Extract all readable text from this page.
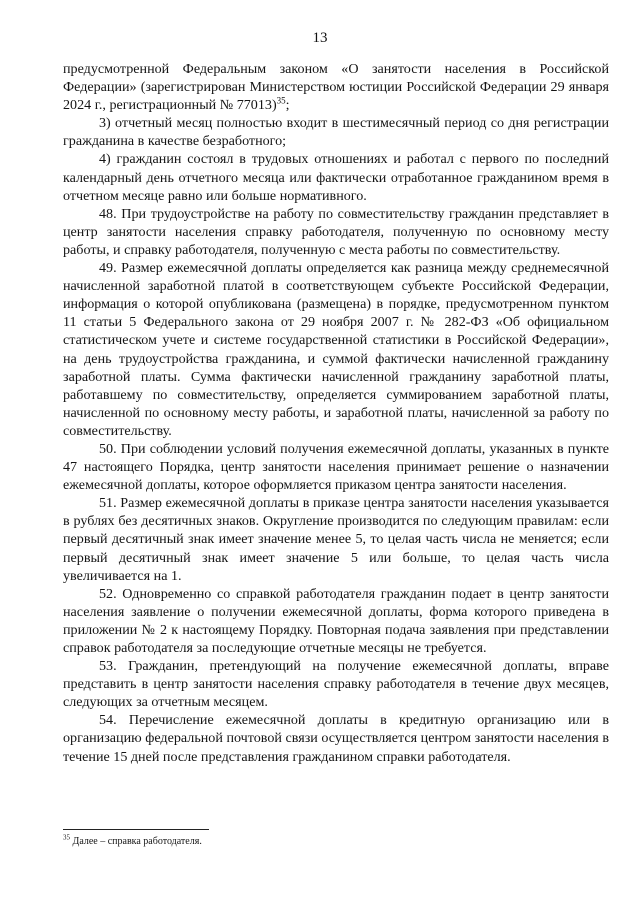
13

предусмотренной Федеральным законом «О занятости населения в Российской Федерации» (зарегистрирован Министерством юстиции Российской Федерации 29 января 2024 г., регистрационный № 77013)$^{35}$;

3) отчетный месяц полностью входит в шестимесячный период со дня регистрации гражданина в качестве безработного;

4) гражданин состоял в трудовых отношениях и работал с первого по последний календарный день отчетного месяца или фактически отработанное гражданином время в отчетном месяце равно или больше нормативного.

48. При трудоустройстве на работу по совместительству гражданин представляет в центр занятости населения справку работодателя, полученную по основному месту работы, и справку работодателя, полученную с места работы по совместительству.

49. Размер ежемесячной доплаты определяется как разница между среднемесячной начисленной заработной платой в соответствующем субъекте Российской Федерации, информация о которой опубликована (размещена) в порядке, предусмотренном пунктом 11 статьи 5 Федерального закона от 29 ноября 2007 г. № 282-ФЗ «Об официальном статистическом учете и системе государственной статистики в Российской Федерации», на день трудоустройства гражданина, и суммой фактически начисленной гражданину заработной платы. Сумма фактически начисленной гражданину заработной платы, работавшему по совместительству, определяется суммированием заработной платы, начисленной по основному месту работы, и заработной платы, начисленной за работу по совместительству.

50. При соблюдении условий получения ежемесячной доплаты, указанных в пункте 47 настоящего Порядка, центр занятости населения принимает решение о назначении ежемесячной доплаты, которое оформляется приказом центра занятости населения.

51. Размер ежемесячной доплаты в приказе центра занятости населения указывается в рублях без десятичных знаков. Округление производится по следующим правилам: если первый десятичный знак имеет значение менее 5, то целая часть числа не меняется; если первый десятичный знак имеет значение 5 или больше, то целая часть числа увеличивается на 1.

52. Одновременно со справкой работодателя гражданин подает в центр занятости населения заявление о получении ежемесячной доплаты, форма которого приведена в приложении № 2 к настоящему Порядку. Повторная подача заявления при представлении справок работодателя за последующие отчетные месяцы не требуется.

53. Гражданин, претендующий на получение ежемесячной доплаты, вправе представить в центр занятости населения справку работодателя в течение двух месяцев, следующих за отчетным месяцем.

54. Перечисление ежемесячной доплаты в кредитную организацию или в организацию федеральной почтовой связи осуществляется центром занятости населения в течение 15 дней после представления гражданином справки работодателя.

$^{35}$ Далее – справка работодателя.
